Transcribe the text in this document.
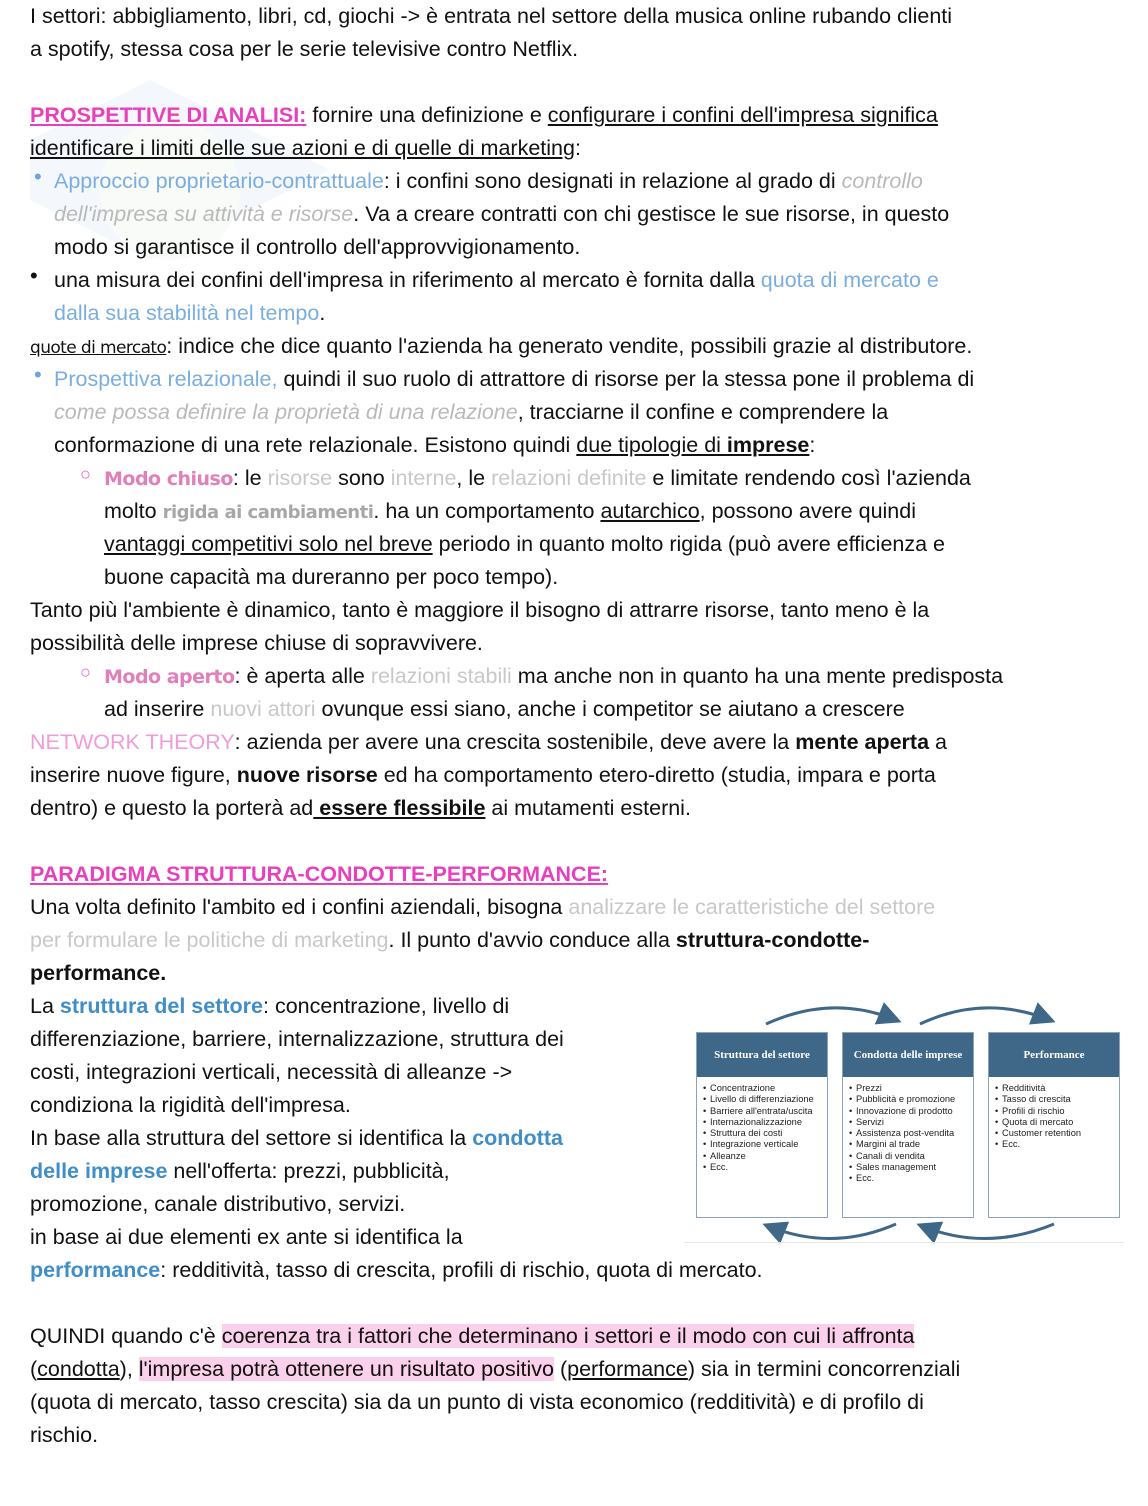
I settori: abbigliamento, libri, cd, giochi -> è entrata nel settore della musica online rubando clienti

a spotify, stessa cosa per le serie televisive contro Netflix.

PROSPETTIVE DI ANALISI: fornire una definizione e configurare i confini dell'impresa significa

identificare i limiti delle sue azioni e di quelle di marketing:

• Approccio proprietario-contrattuale: i confini sono designati in relazione al grado di controllo

dell'impresa su attività e risorse. Va a creare contratti con chi gestisce le sue risorse, in questo

modo si garantisce il controllo dell'approvvigionamento.

• una misura dei confini dell'impresa in riferimento al mercato è fornita dalla quota di mercato e

dalla sua stabilità nel tempo.

quote di mercato: indice che dice quanto l'azienda ha generato vendite, possibili grazie al distributore.

• Prospettiva relazionale, quindi il suo ruolo di attrattore di risorse per la stessa pone il problema di

come possa definire la proprietà di una relazione, tracciarne il confine e comprendere la

conformazione di una rete relazionale. Esistono quindi due tipologie di imprese:

○ Modo chiuso: le risorse sono interne, le relazioni definite e limitate rendendo così l'azienda

molto rigida ai cambiamenti. ha un comportamento autarchico, possono avere quindi

vantaggi competitivi solo nel breve periodo in quanto molto rigida (può avere efficienza e

buone capacità ma dureranno per poco tempo).

Tanto più l'ambiente è dinamico, tanto è maggiore il bisogno di attrarre risorse, tanto meno è la

possibilità delle imprese chiuse di sopravvivere.

○ Modo aperto: è aperta alle relazioni stabili ma anche non in quanto ha una mente predisposta

ad inserire nuovi attori ovunque essi siano, anche i competitor se aiutano a crescere

NETWORK THEORY: azienda per avere una crescita sostenibile, deve avere la mente aperta a

inserire nuove figure, nuove risorse ed ha comportamento etero-diretto (studia, impara e porta

dentro) e questo la porterà ad essere flessibile ai mutamenti esterni.

PARADIGMA STRUTTURA-CONDOTTE-PERFORMANCE:

Una volta definito l'ambito ed i confini aziendali, bisogna analizzare le caratteristiche del settore

per formulare le politiche di marketing. Il punto d'avvio conduce alla struttura-condotte-

performance.

La struttura del settore: concentrazione, livello di

differenziazione, barriere, internalizzazione, struttura dei

costi, integrazioni verticali, necessità di alleanze ->

condiziona la rigidità dell'impresa.

In base alla struttura del settore si identifica la condotta

delle imprese nell'offerta: prezzi, pubblicità,

promozione, canale distributivo, servizi.

in base ai due elementi ex ante si identifica la

performance: redditività, tasso di crescita, profili di rischio, quota di mercato.

QUINDI quando c'è coerenza tra i fattori che determinano i settori e il modo con cui li affronta

(condotta), l'impresa potrà ottenere un risultato positivo (performance) sia in termini concorrenziali

(quota di mercato, tasso crescita) sia da un punto di vista economico (redditività) e di profilo di

rischio.

Struttura del settore
• Concentrazione
• Livello di differenziazione
• Barriere all'entrata/uscita
• Internazionalizzazione
• Struttura dei costi
• Integrazione verticale
• Alleanze
• Ecc.
Condotta delle imprese
• Prezzi
• Pubblicità e promozione
• Innovazione di prodotto
• Servizi
• Assistenza post-vendita
• Margini al trade
• Canali di vendita
• Sales management
• Ecc.
Performance
• Redditività
• Tasso di crescita
• Profili di rischio
• Quota di mercato
• Customer retention
• Ecc.
